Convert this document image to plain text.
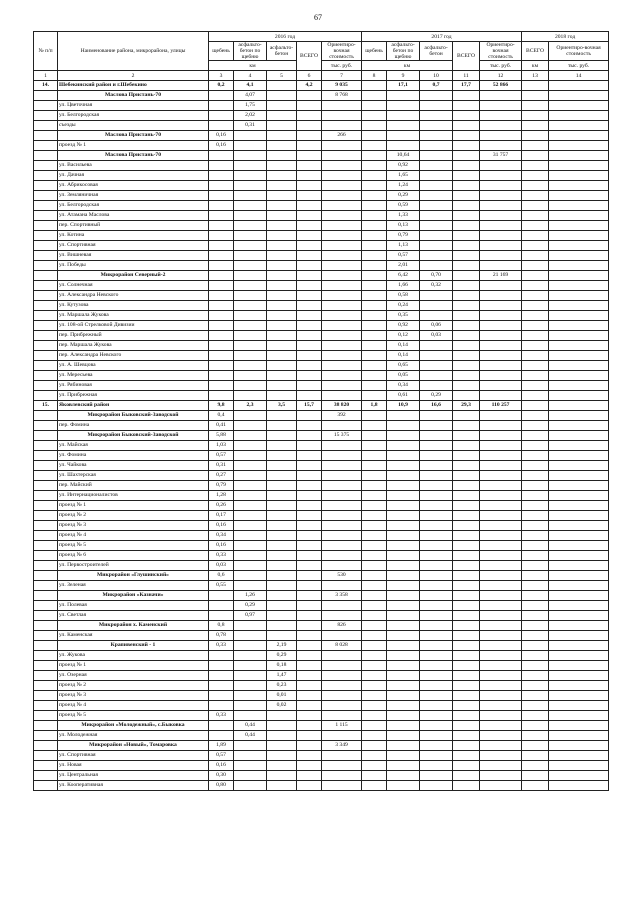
67
№ п/п	Наименование района, микрорайона, улицы	2016 год					2017 год					2018 год	
		щебень	асфальто-бетон по щебню	асфальто-бетон	ВСЕГО	Ориентиро-вочная стоимость	щебень	асфальто-бетон по щебню	асфальто-бетон	ВСЕГО	Ориентиро-вочная стоимость	ВСЕГО	Ориентиро-вочная стоимость
		км				тыс. руб.	км				тыс. руб.	км	тыс. руб.
1	2	3	4	5	6	7	8	9	10	11	12	13	14
14.	Шебекинский район и г.Шебекино	0,2	4,1		4,2	9 035		17,1	0,7	17,7	52 866		
	Маслова Пристань-70		4,07			8 768							
	ул. Цветочная		1,75										
	ул. Белгородская		2,02										
	съезды		0,31										
	Маслова Пристань-70	0,16				266							
	проезд № 1	0,16											
	Маслова Пристань-70							10,64			31 757		
	ул. Васильева							0,92					
	ул. Дачная							1,65					
	ул. Абрикосовая							1,24					
	ул. Земляничная							0,29					
	ул. Белгородская							0,59					
	ул. Атаманa Маслова							1,33					
	пер. Спортивный							0,13					
	ул. Котина							0,79					
	ул. Спортивная							1,13					
	ул. Вишневая							0,57					
	ул. Победы							2,01					
	Микрорайон Северный-2							6,42	0,70		21 169		
	ул. Солнечная							1,66	0,32				
	ул. Александра Невского							0,58					
	ул. Кутузова							0,24					
	ул. Маршала Жукова							0,35					
	ул. 108-ой Стрелковой Дивизии							0,92	0,06				
	пер. Прибрежный							0,12	0,03				
	пер. Маршала Жукова							0,14					
	пер. Александра Невского							0,14					
	ул. А. Шевцова							0,65					
	ул. Мересьева							0,05					
	ул. Рябиновая							0,34					
	ул. Прибрежная							0,61	0,29				
15.	Яковлевский район	9,8	2,3	3,5	15,7	38 820	1,8	10,9	16,6	29,3	110 257		
	Микрорайон Быковский-Заводской	0,4				392							
	пер. Фомина	0,41											
	Микрорайон Быковский-Заводской	5,88				15 375							
	ул. Майская	1,03											
	ул. Фомина	0,57											
	ул. Чайкова	0,31											
	ул. Шахтерская	0,27											
	пер. Майский	0,79											
	ул. Интернационалистов	1,28											
	проезд № 1	0,26											
	проезд № 2	0,17											
	проезд № 3	0,16											
	проезд № 4	0,34											
	проезд № 5	0,16											
	проезд № 6	0,33											
	ул. Первостроителей	0,03											
	Микрорайон «Глушинский»	0,6				530							
	ул. Зеленая	0,55											
	Микрорайон «Казначи»		1,26			3 358							
	ул. Полевая		0,29										
	ул. Светлая		0,97										
	Микрорайон х. Каменский	0,8				826							
	ул. Каменская	0,78											
	Крапивенский - 1	0,33		2,19		8 028							
	ул. Жукова			0,29									
	проезд № 1			0,18									
	ул. Озерная			1,47									
	проезд № 2			0,23									
	проезд № 3			0,01									
	проезд № 4			0,02									
	проезд № 5	0,33											
	Микрорайон «Молодежный», с.Быковка		0,44			1 115							
	ул. Молодежная		0,44										
	Микрорайон «Новый», Томаровка	1,89				3 349							
	ул. Спортивная	0,57											
	ул. Новая	0,16											
	ул. Центральная	0,30											
	ул. Кооперативная	0,80											
